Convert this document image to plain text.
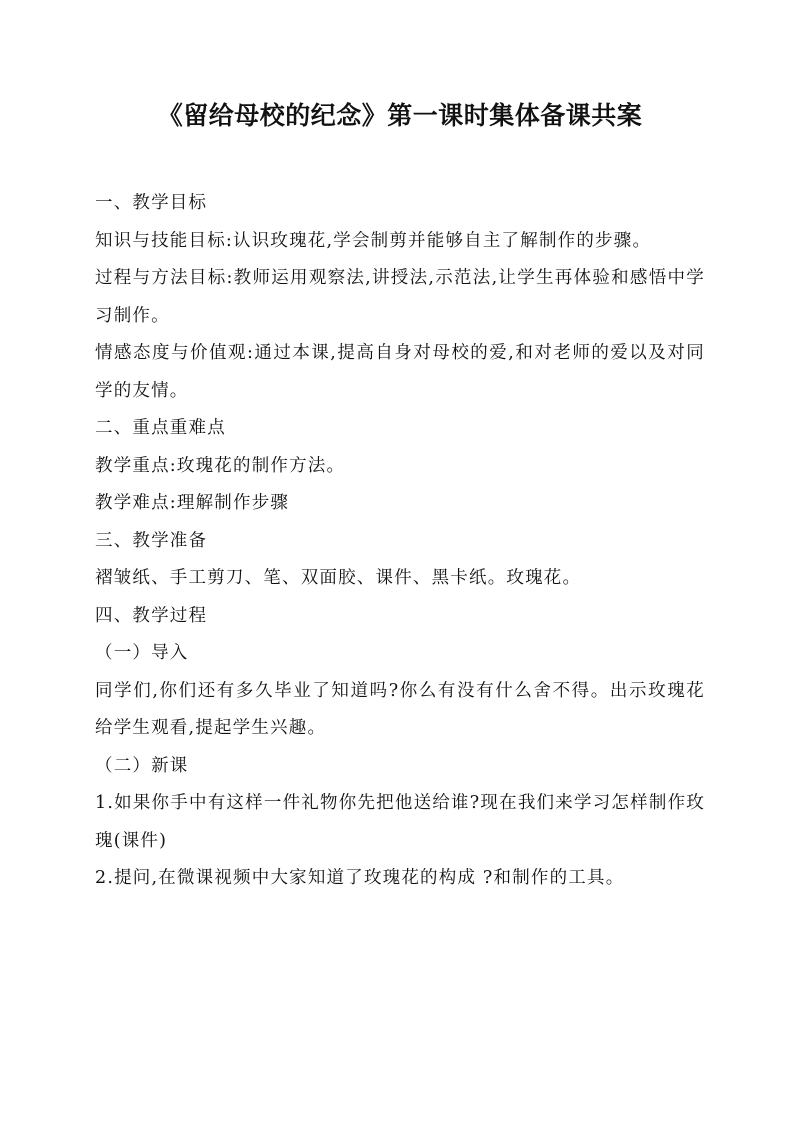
《留给母校的纪念》第一课时集体备课共案

一、教学目标

知识与技能目标:认识玫瑰花,学会制剪并能够自主了解制作的步骤。

过程与方法目标:教师运用观察法,讲授法,示范法,让学生再体验和感悟中学习制作。

情感态度与价值观:通过本课,提高自身对母校的爱,和对老师的爱以及对同学的友情。

二、重点重难点

教学重点:玫瑰花的制作方法。

教学难点:理解制作步骤

三、教学准备

褶皱纸、手工剪刀、笔、双面胶、课件、黑卡纸。玫瑰花。

四、教学过程

（一）导入

同学们,你们还有多久毕业了知道吗?你么有没有什么舍不得。出示玫瑰花给学生观看,提起学生兴趣。

（二）新课

1.如果你手中有这样一件礼物你先把他送给谁?现在我们来学习怎样制作玫瑰(课件)

2.提问,在微课视频中大家知道了玫瑰花的构成 ?和制作的工具。
